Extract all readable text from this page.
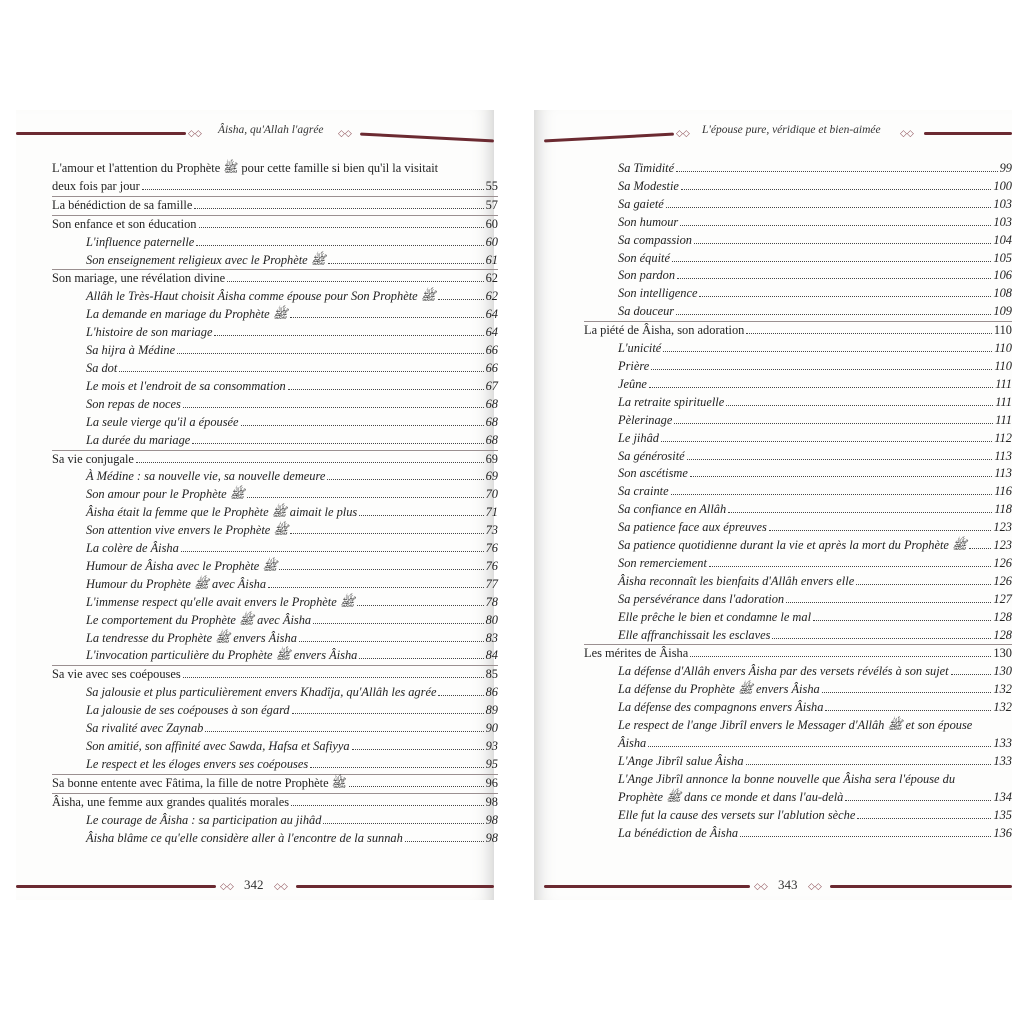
◇◇ Âisha, qu'Allah l'agrée ◇◇
L'amour et l'attention du Prophète ﷺ pour cette famille si bien qu'il la visitait
deux fois par jour	55
La bénédiction de sa famille	57
Son enfance et son éducation	60
L'influence paternelle	60
Son enseignement religieux avec le Prophète ﷺ	61
Son mariage, une révélation divine	62
Allâh le Très-Haut choisit Âisha comme épouse pour Son Prophète ﷺ	62
La demande en mariage du Prophète ﷺ	64
L'histoire de son mariage	64
Sa hijra à Médine	66
Sa dot	66
Le mois et l'endroit de sa consommation	67
Son repas de noces	68
La seule vierge qu'il a épousée	68
La durée du mariage	68
Sa vie conjugale	69
À Médine : sa nouvelle vie, sa nouvelle demeure	69
Son amour pour le Prophète ﷺ	70
Âisha était la femme que le Prophète ﷺ aimait le plus	71
Son attention vive envers le Prophète ﷺ	73
La colère de Âisha	76
Humour de Âisha avec le Prophète ﷺ	76
Humour du Prophète ﷺ avec Âisha	77
L'immense respect qu'elle avait envers le Prophète ﷺ	78
Le comportement du Prophète ﷺ avec Âisha	80
La tendresse du Prophète ﷺ envers Âisha	83
L'invocation particulière du Prophète ﷺ envers Âisha	84
Sa vie avec ses coépouses	85
Sa jalousie et plus particulièrement envers Khadîja, qu'Allâh les agrée	86
La jalousie de ses coépouses à son égard	89
Sa rivalité avec Zaynab	90
Son amitié, son affinité avec Sawda, Hafsa et Safiyya	93
Le respect et les éloges envers ses coépouses	95
Sa bonne entente avec Fâtima, la fille de notre Prophète ﷺ	96
Âisha, une femme aux grandes qualités morales	98
Le courage de Âisha : sa participation au jihâd	98
Âisha blâme ce qu'elle considère aller à l'encontre de la sunnah	98
◇◇ 342 ◇◇
◇◇ L'épouse pure, véridique et bien-aimée ◇◇
Sa Timidité	99
Sa Modestie	100
Sa gaieté	103
Son humour	103
Sa compassion	104
Son équité	105
Son pardon	106
Son intelligence	108
Sa douceur	109
La piété de Âisha, son adoration	110
L'unicité	110
Prière	110
Jeûne	111
La retraite spirituelle	111
Pèlerinage	111
Le jihâd	112
Sa générosité	113
Son ascétisme	113
Sa crainte	116
Sa confiance en Allâh	118
Sa patience face aux épreuves	123
Sa patience quotidienne durant la vie et après la mort du Prophète ﷺ 123
Son remerciement	126
Âisha reconnaît les bienfaits d'Allâh envers elle	126
Sa persévérance dans l'adoration	127
Elle prêche le bien et condamne le mal	128
Elle affranchissait les esclaves	128
Les mérites de Âisha	130
La défense d'Allâh envers Âisha par des versets révélés à son sujet	130
La défense du Prophète ﷺ envers Âisha	132
La défense des compagnons envers Âisha	132
Le respect de l'ange Jibrîl envers le Messager d'Allâh ﷺ et son épouse
Âisha	133
L'Ange Jibrîl salue Âisha	133
L'Ange Jibrîl annonce la bonne nouvelle que Âisha sera l'épouse du
Prophète ﷺ dans ce monde et dans l'au-delà	134
Elle fut la cause des versets sur l'ablution sèche	135
La bénédiction de Âisha	136
◇◇ 343 ◇◇
